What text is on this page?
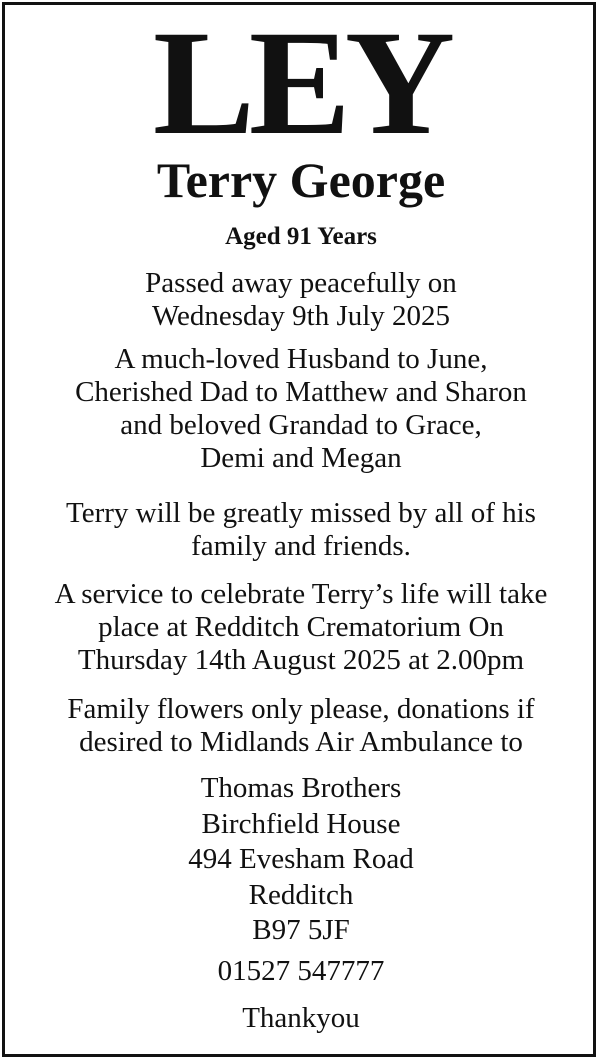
LEY
Terry George
Aged 91 Years

Passed away peacefully on
Wednesday 9th July 2025

A much-loved Husband to June,
Cherished Dad to Matthew and Sharon
and beloved Grandad to Grace,
Demi and Megan

Terry will be greatly missed by all of his
family and friends.

A service to celebrate Terry’s life will take
place at Redditch Crematorium On
Thursday 14th August 2025 at 2.00pm

Family flowers only please, donations if
desired to Midlands Air Ambulance to

Thomas Brothers
Birchfield House
494 Evesham Road
Redditch
B97 5JF
01527 547777
Thankyou
